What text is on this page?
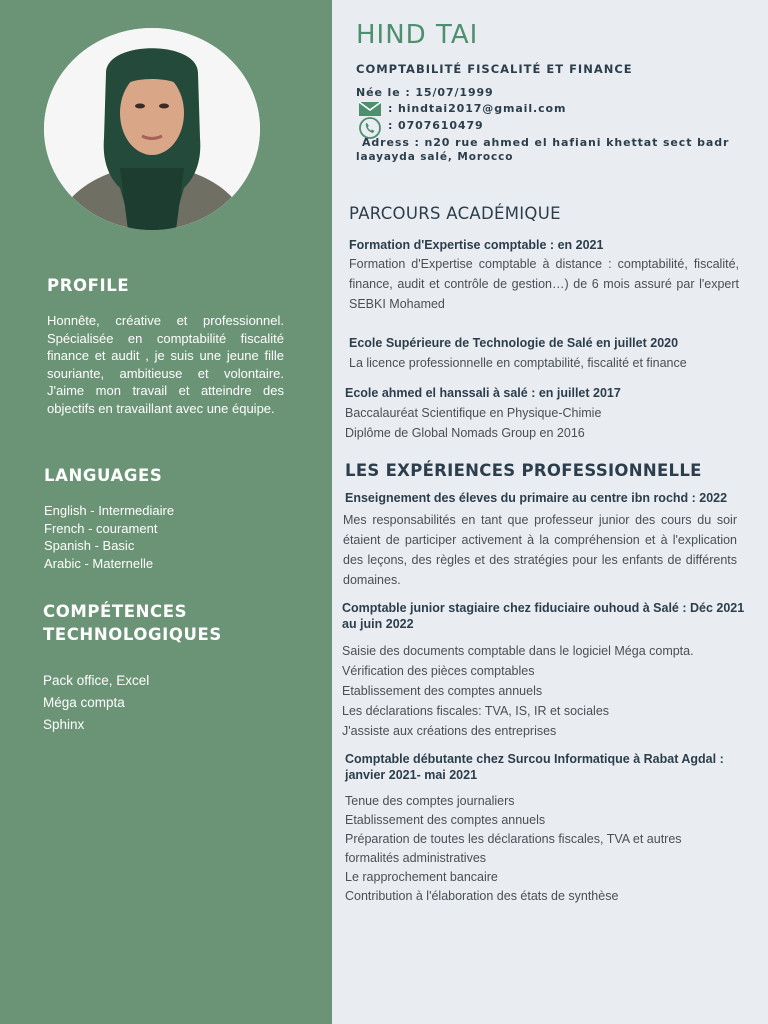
PROFILE
Honnête, créative et professionnel. Spécialisée en comptabilité fiscalité finance et audit , je suis une jeune fille souriante, ambitieuse et volontaire. J'aime mon travail et atteindre des objectifs en travaillant avec une équipe.
LANGUAGES
English - Intermediaire
French - courament
Spanish - Basic
Arabic - Maternelle
COMPÉTENCES
TECHNOLOGIQUES
Pack office, Excel
Méga compta
Sphinx
HIND TAI
COMPTABILITÉ FISCALITÉ ET FINANCE
Née le : 15/07/1999
: hindtai2017@gmail.com
: 0707610479
Adress : n20 rue ahmed el hafiani khettat sect badr
laayayda salé, Morocco
PARCOURS ACADÉMIQUE
Formation d'Expertise comptable : en 2021
Formation d'Expertise comptable à distance : comptabilité, fiscalité, finance, audit et contrôle de gestion…) de 6 mois assuré par l'expert SEBKI Mohamed
Ecole Supérieure de Technologie de Salé en juillet 2020
La licence professionnelle en comptabilité, fiscalité et finance
Ecole ahmed el hanssali à salé : en juillet 2017
Baccalauréat Scientifique en Physique-Chimie
Diplôme de Global Nomads Group en 2016
LES EXPÉRIENCES PROFESSIONNELLE
Enseignement des éleves du primaire au centre ibn rochd : 2022
Mes responsabilités en tant que professeur junior des cours du soir étaient de participer activement à la compréhension et à l'explication des leçons, des règles et des stratégies pour les enfants de différents domaines.
Comptable junior stagiaire chez fiduciaire ouhoud à Salé : Déc 2021 au juin 2022
Saisie des documents comptable dans le logiciel Méga compta.
Vérification des pièces comptables
Etablissement des comptes annuels
Les déclarations fiscales: TVA, IS, IR et sociales
J'assiste aux créations des entreprises
Comptable débutante chez Surcou Informatique à Rabat Agdal : janvier 2021- mai 2021
Tenue des comptes journaliers
Etablissement des comptes annuels
Préparation de toutes les déclarations fiscales, TVA et autres
formalités administratives
Le rapprochement bancaire
Contribution à l'élaboration des états de synthèse
